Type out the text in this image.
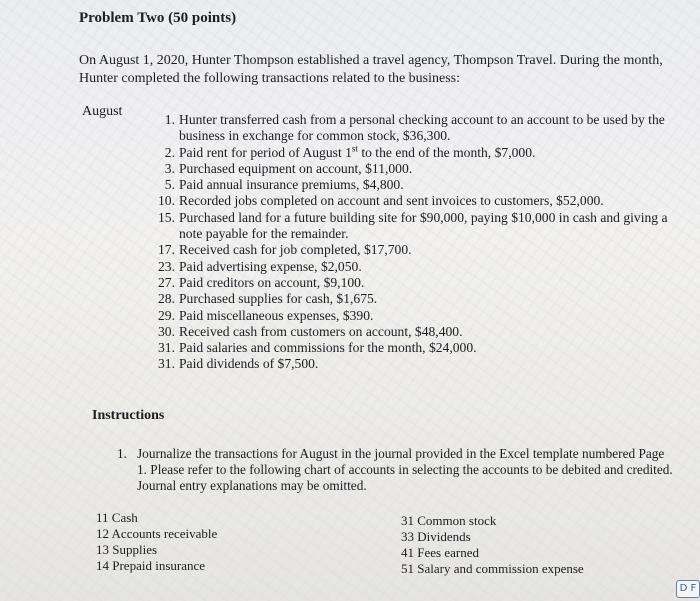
Problem Two (50 points)
On August 1, 2020, Hunter Thompson established a travel agency, Thompson Travel. During the month, Hunter completed the following transactions related to the business:
August
1. Hunter transferred cash from a personal checking account to an account to be used by the business in exchange for common stock, $36,300.
2. Paid rent for period of August 1st to the end of the month, $7,000.
3. Purchased equipment on account, $11,000.
5. Paid annual insurance premiums, $4,800.
10. Recorded jobs completed on account and sent invoices to customers, $52,000.
15. Purchased land for a future building site for $90,000, paying $10,000 in cash and giving a note payable for the remainder.
17. Received cash for job completed, $17,700.
23. Paid advertising expense, $2,050.
27. Paid creditors on account, $9,100.
28. Purchased supplies for cash, $1,675.
29. Paid miscellaneous expenses, $390.
30. Received cash from customers on account, $48,400.
31. Paid salaries and commissions for the month, $24,000.
31. Paid dividends of $7,500.
Instructions
1. Journalize the transactions for August in the journal provided in the Excel template numbered Page 1. Please refer to the following chart of accounts in selecting the accounts to be debited and credited. Journal entry explanations may be omitted.
11 Cash
12 Accounts receivable
13 Supplies
14 Prepaid insurance
31 Common stock
33 Dividends
41 Fees earned
51 Salary and commission expense
D F
